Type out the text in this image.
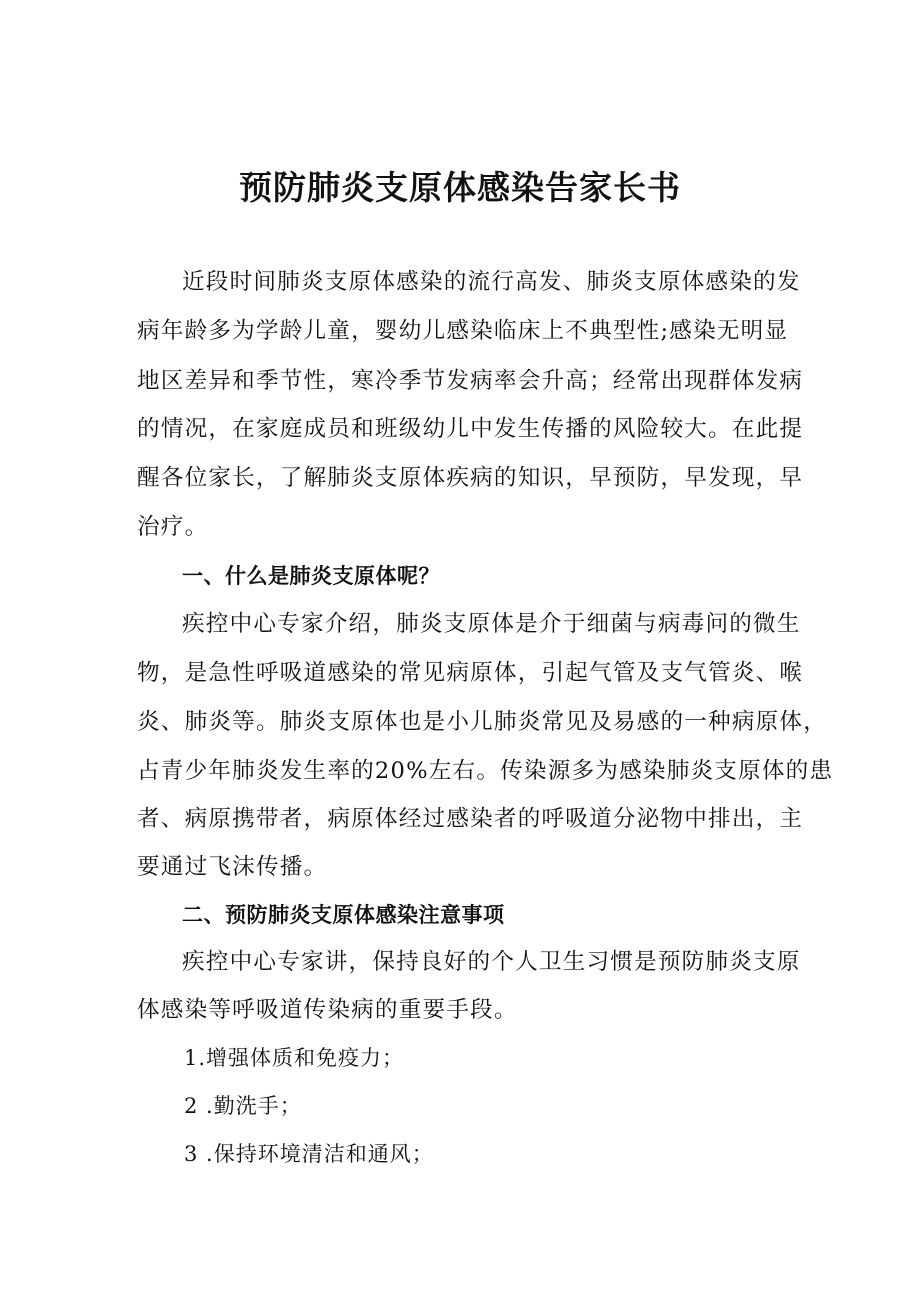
预防肺炎支原体感染告家长书
近段时间肺炎支原体感染的流行高发、肺炎支原体感染的发
病年龄多为学龄儿童，婴幼儿感染临床上不典型性;感染无明显
地区差异和季节性，寒冷季节发病率会升高；经常出现群体发病
的情况，在家庭成员和班级幼儿中发生传播的风险较大。在此提
醒各位家长，了解肺炎支原体疾病的知识，早预防，早发现，早
治疗。
一、什么是肺炎支原体呢？
疾控中心专家介绍，肺炎支原体是介于细菌与病毒问的微生
物，是急性呼吸道感染的常见病原体，引起气管及支气管炎、喉
炎、肺炎等。肺炎支原体也是小儿肺炎常见及易感的一种病原体，
占青少年肺炎发生率的20%左右。传染源多为感染肺炎支原体的患
者、病原携带者，病原体经过感染者的呼吸道分泌物中排出，主
要通过飞沫传播。
二、预防肺炎支原体感染注意事项
疾控中心专家讲，保持良好的个人卫生习惯是预防肺炎支原
体感染等呼吸道传染病的重要手段。
1.增强体质和免疫力；
2 .勤洗手；
3 .保持环境清洁和通风；
